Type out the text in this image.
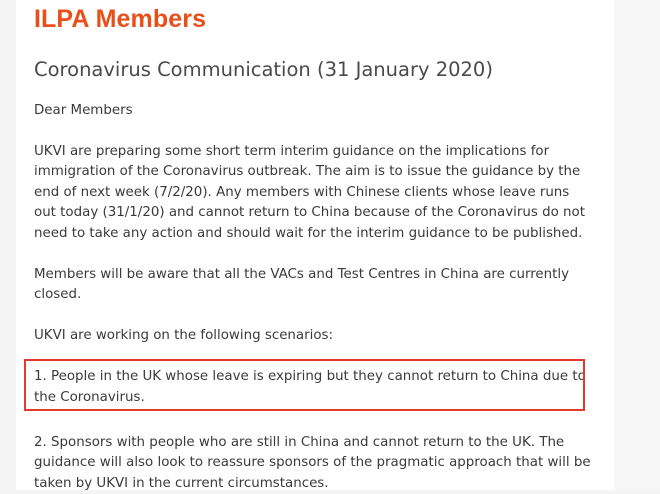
ILPA Members
Coronavirus Communication (31 January 2020)

Dear Members

UKVI are preparing some short term interim guidance on the implications for immigration of the Coronavirus outbreak. The aim is to issue the guidance by the end of next week (7/2/20). Any members with Chinese clients whose leave runs out today (31/1/20) and cannot return to China because of the Coronavirus do not need to take any action and should wait for the interim guidance to be published.

Members will be aware that all the VACs and Test Centres in China are currently closed.

UKVI are working on the following scenarios:

1. People in the UK whose leave is expiring but they cannot return to China due to the Coronavirus.

2. Sponsors with people who are still in China and cannot return to the UK. The guidance will also look to reassure sponsors of the pragmatic approach that will be taken by UKVI in the current circumstances.
